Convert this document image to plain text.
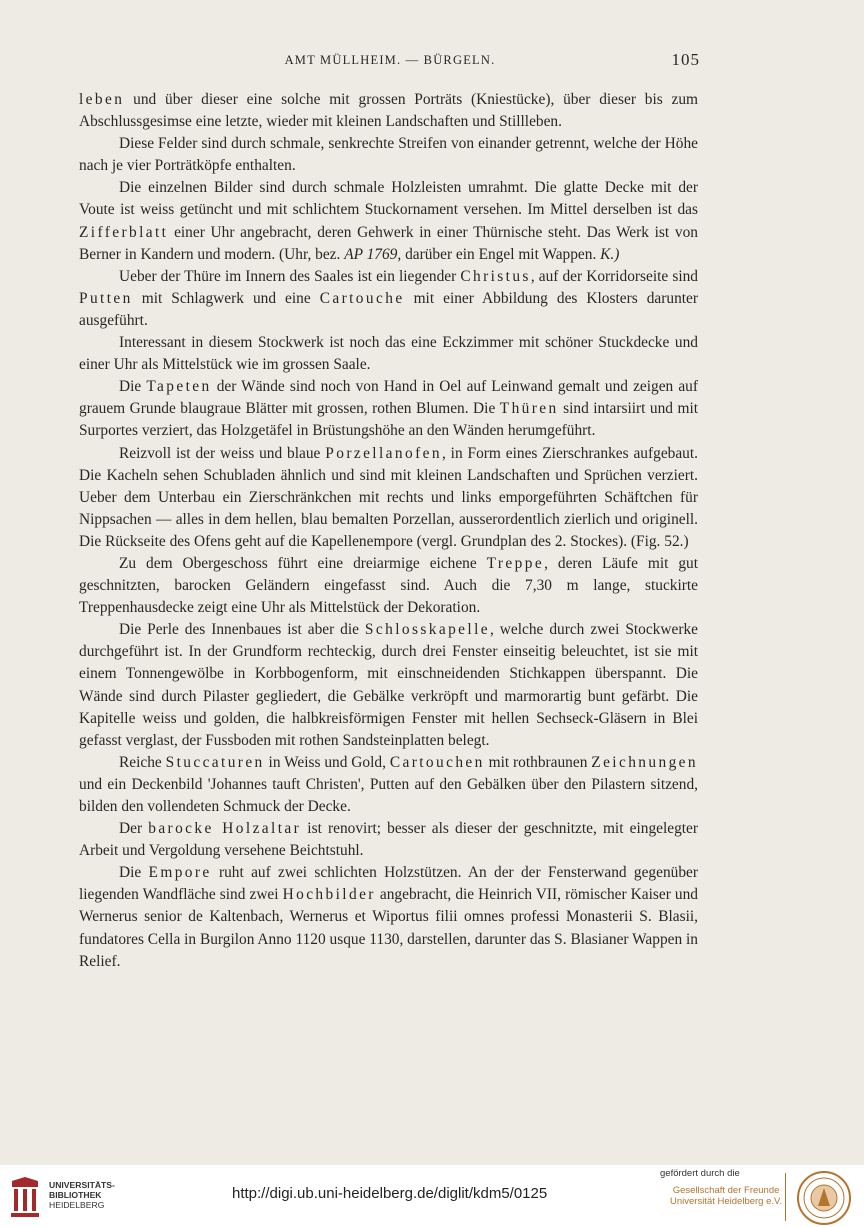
AMT MÜLLHEIM. — BÜRGELN.	105

leben und über dieser eine solche mit grossen Porträts (Kniestücke), über dieser bis zum Abschlussgesimse eine letzte, wieder mit kleinen Landschaften und Stillleben.

Diese Felder sind durch schmale, senkrechte Streifen von einander getrennt, welche der Höhe nach je vier Porträtköpfe enthalten.

Die einzelnen Bilder sind durch schmale Holzleisten umrahmt. Die glatte Decke mit der Voute ist weiss getüncht und mit schlichtem Stuckornament versehen. Im Mittel derselben ist das Zifferblatt einer Uhr angebracht, deren Gehwerk in einer Thürnische steht. Das Werk ist von Berner in Kandern und modern. (Uhr, bez. AP 1769, darüber ein Engel mit Wappen. K.)

Ueber der Thüre im Innern des Saales ist ein liegender Christus, auf der Korridorseite sind Putten mit Schlagwerk und eine Cartouche mit einer Abbildung des Klosters darunter ausgeführt.

Interessant in diesem Stockwerk ist noch das eine Eckzimmer mit schöner Stuckdecke und einer Uhr als Mittelstück wie im grossen Saale.

Die Tapeten der Wände sind noch von Hand in Oel auf Leinwand gemalt und zeigen auf grauem Grunde blaugraue Blätter mit grossen, rothen Blumen. Die Thüren sind intarsiirt und mit Surportes verziert, das Holzgetäfel in Brüstungshöhe an den Wänden herumgeführt.

Reizvoll ist der weiss und blaue Porzellanofen, in Form eines Zierschrankes aufgebaut. Die Kacheln sehen Schubladen ähnlich und sind mit kleinen Landschaften und Sprüchen verziert. Ueber dem Unterbau ein Zierschränkchen mit rechts und links emporgeführten Schäftchen für Nippsachen — alles in dem hellen, blau bemalten Porzellan, ausserordentlich zierlich und originell. Die Rückseite des Ofens geht auf die Kapellenempore (vergl. Grundplan des 2. Stockes). (Fig. 52.)

Zu dem Obergeschoss führt eine dreiarmige eichene Treppe, deren Läufe mit gut geschnitzten, barocken Geländern eingefasst sind. Auch die 7,30 m lange, stuckirte Treppenhausdecke zeigt eine Uhr als Mittelstück der Dekoration.

Die Perle des Innenbaues ist aber die Schlosskapelle, welche durch zwei Stockwerke durchgeführt ist. In der Grundform rechteckig, durch drei Fenster einseitig beleuchtet, ist sie mit einem Tonnengewölbe in Korbbogenform, mit einschneidenden Stichkappen überspannt. Die Wände sind durch Pilaster gegliedert, die Gebälke verkröpft und marmorartig bunt gefärbt. Die Kapitelle weiss und golden, die halbkreisförmigen Fenster mit hellen Sechseck-Gläsern in Blei gefasst verglast, der Fussboden mit rothen Sandsteinplatten belegt.

Reiche Stuccaturen in Weiss und Gold, Cartouchen mit rothbraunen Zeichnungen und ein Deckenbild 'Johannes tauft Christen', Putten auf den Gebälken über den Pilastern sitzend, bilden den vollendeten Schmuck der Decke.

Der barocke Holzaltar ist renovirt; besser als dieser der geschnitzte, mit eingelegter Arbeit und Vergoldung versehene Beichtstuhl.

Die Empore ruht auf zwei schlichten Holzstützen. An der der Fensterwand gegenüber liegenden Wandfläche sind zwei Hochbilder angebracht, die Heinrich VII, römischer Kaiser und Wernerus senior de Kaltenbach, Wernerus et Wiportus filii omnes professi Monasterii S. Blasii, fundatores Cella in Burgilon Anno 1120 usque 1130, darstellen, darunter das S. Blasianer Wappen in Relief.

UNIVERSITÄTS-
BIBLIOTHEK
HEIDELBERG
http://digi.ub.uni-heidelberg.de/diglit/kdm5/0125
gefördert durch die
Gesellschaft der Freunde
Universität Heidelberg e.V.
